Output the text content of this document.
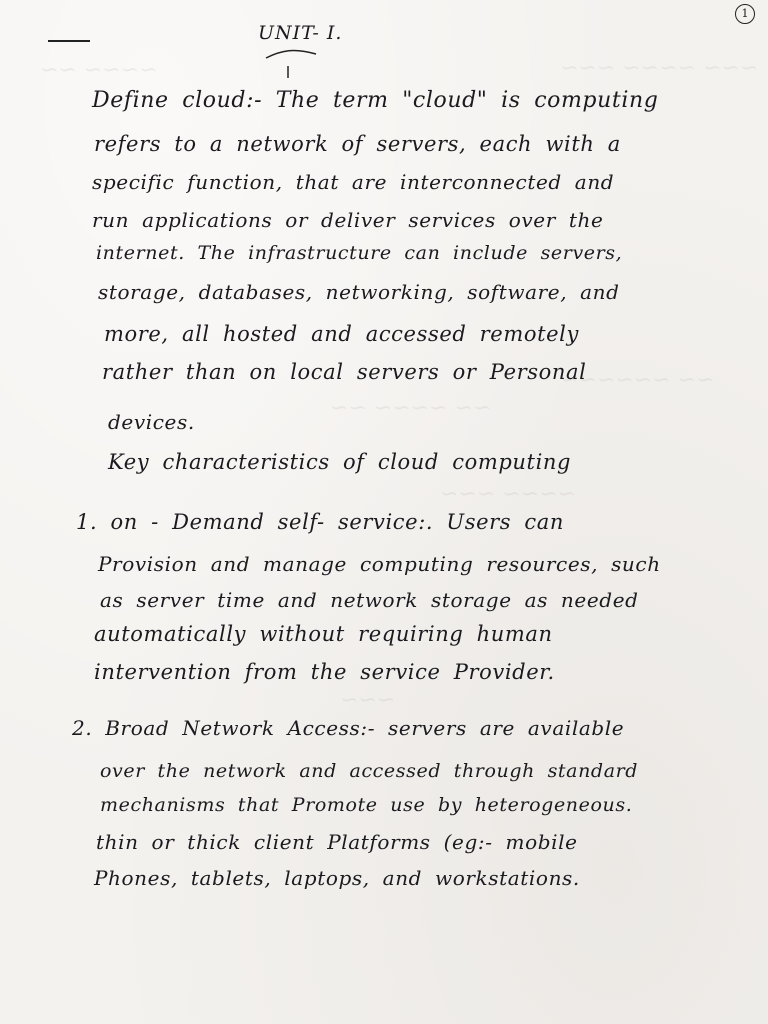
~~~ ~~~~ ~~~
~~~~ ~~
~~ ~~~~~~
~~ ~~~~ ~~
~~~~ ~~~
~~~
1
UNIT- I.
Define cloud:- The term "cloud" is computing
refers to a network of servers, each with a
specific function, that are interconnected and
run applications or deliver services over the
internet. The infrastructure can include servers,
storage, databases, networking, software, and
more, all hosted and accessed remotely
rather than on local servers or Personal
devices.
Key characteristics of cloud computing
1. on - Demand self- service:. Users can
Provision and manage computing resources, such
as server time and network storage as needed
automatically without requiring human
intervention from the service Provider.
2. Broad Network Access:- servers are available
over the network and accessed through standard
mechanisms that Promote use by heterogeneous.
thin or thick client Platforms (eg:- mobile
Phones, tablets, laptops, and workstations.
